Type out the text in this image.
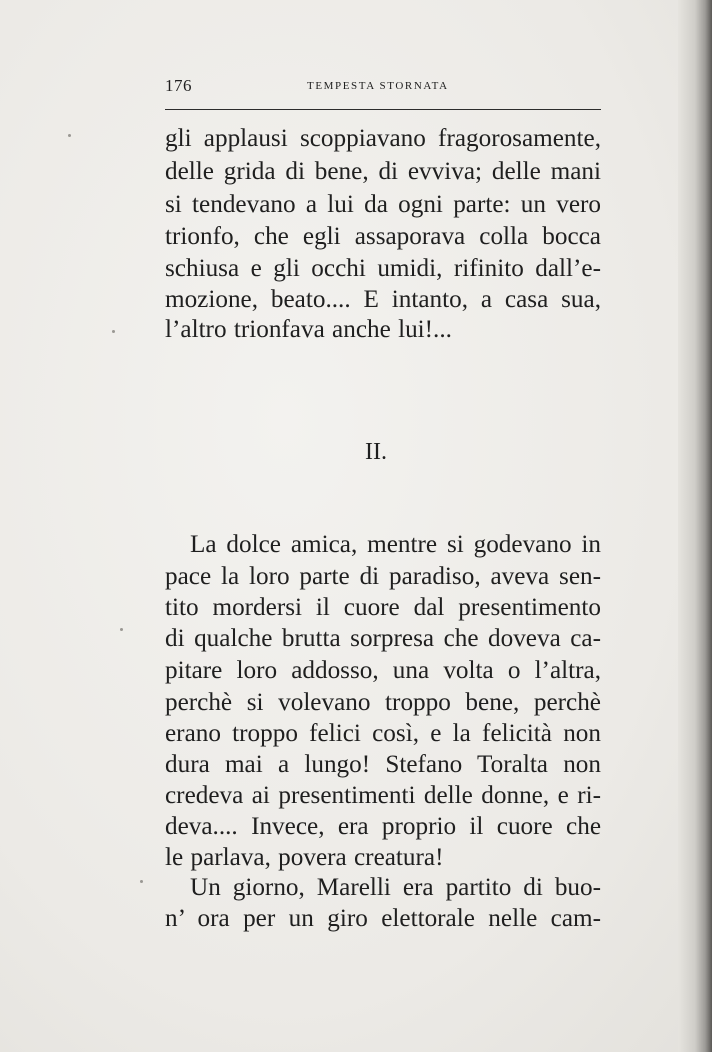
176	TEMPESTA STORNATA
gli applausi scoppiavano fragorosamente,
delle grida di bene, di evviva; delle mani
si tendevano a lui da ogni parte: un vero
trionfo, che egli assaporava colla bocca
schiusa e gli occhi umidi, rifinito dall’e-
mozione, beato.... E intanto, a casa sua,
l’altro trionfava anche lui!...
II.
La dolce amica, mentre si godevano in
pace la loro parte di paradiso, aveva sen-
tito mordersi il cuore dal presentimento
di qualche brutta sorpresa che doveva ca-
pitare loro addosso, una volta o l’altra,
perchè si volevano troppo bene, perchè
erano troppo felici così, e la felicità non
dura mai a lungo! Stefano Toralta non
credeva ai presentimenti delle donne, e ri-
deva.... Invece, era proprio il cuore che
le parlava, povera creatura!
Un giorno, Marelli era partito di buo-
n’ ora per un giro elettorale nelle cam-
